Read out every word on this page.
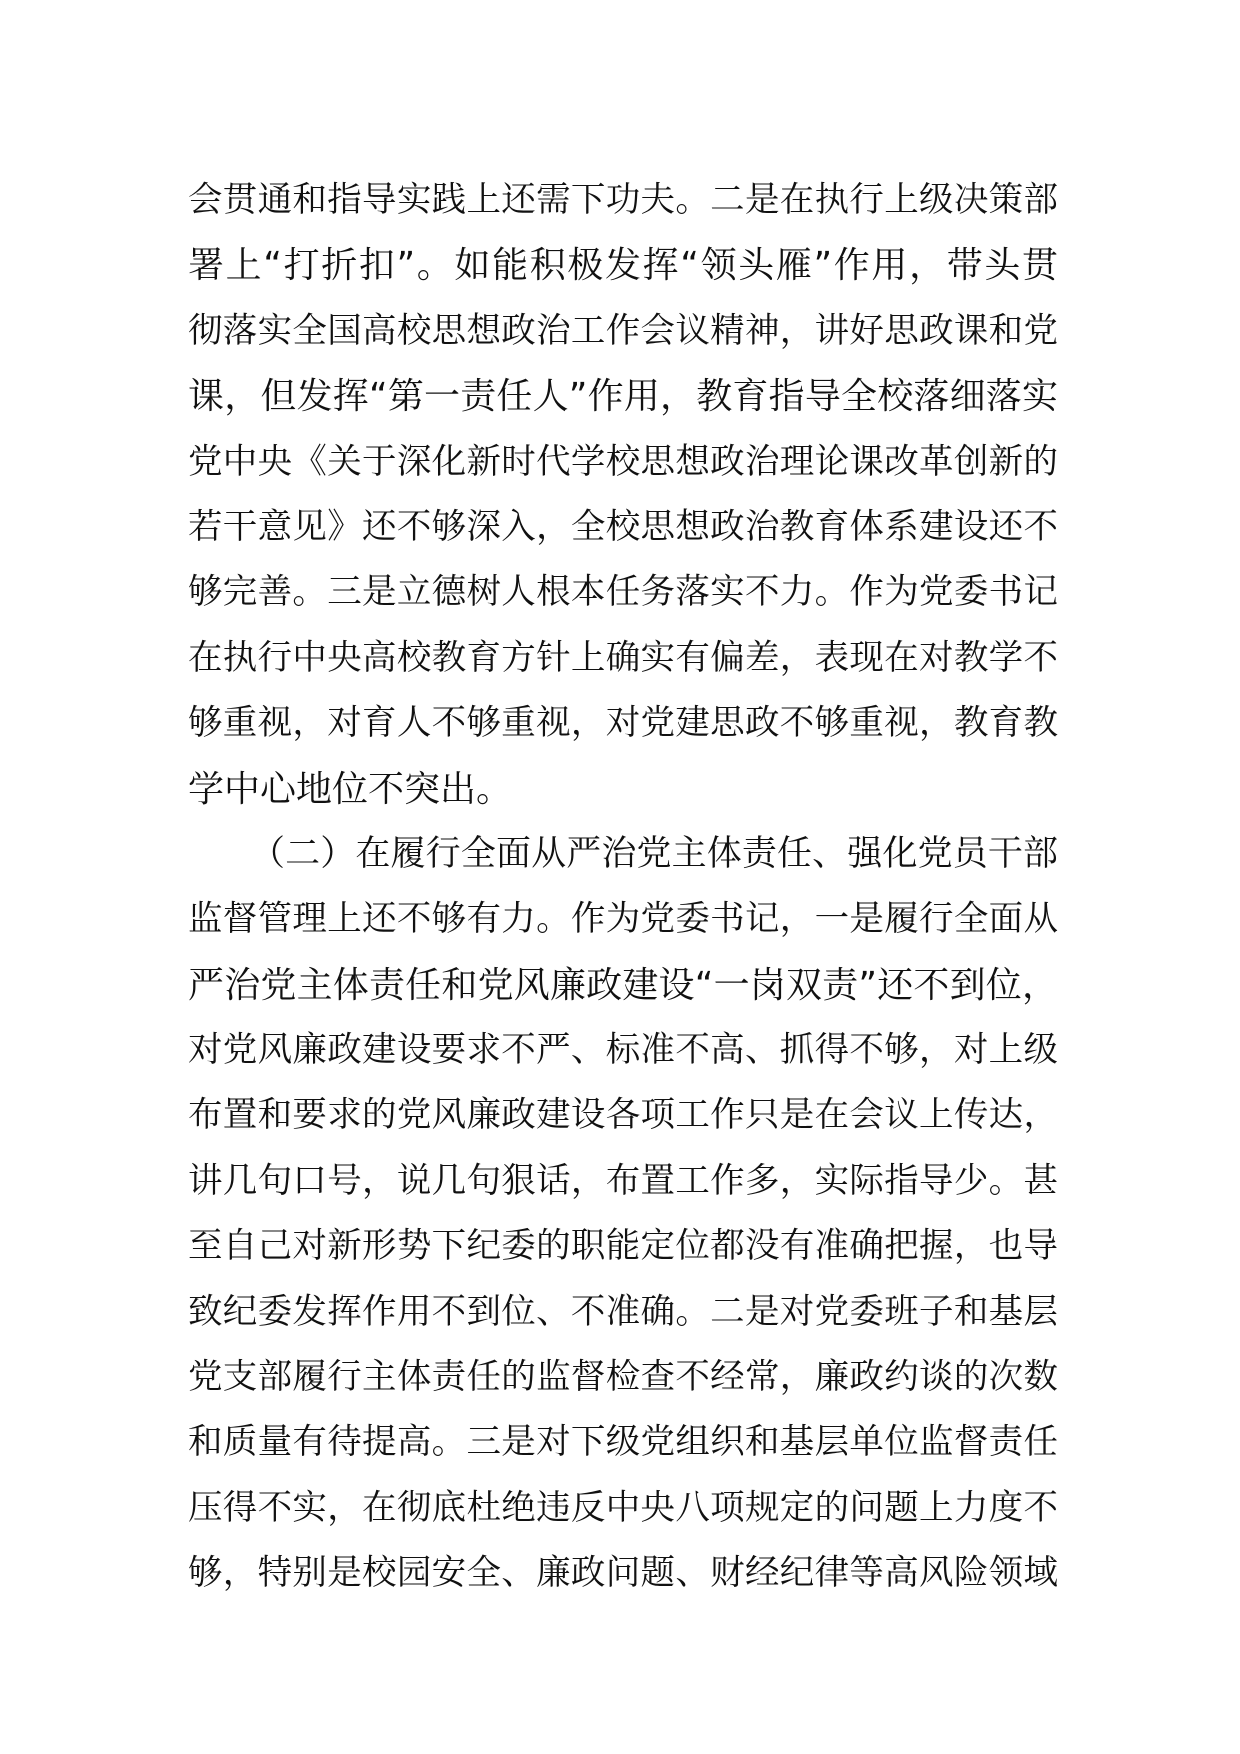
会贯通和指导实践上还需下功夫。二是在执行上级决策部
署上“打折扣”。如能积极发挥“领头雁”作用，带头贯
彻落实全国高校思想政治工作会议精神，讲好思政课和党
课，但发挥“第一责任人”作用，教育指导全校落细落实
党中央《关于深化新时代学校思想政治理论课改革创新的
若干意见》还不够深入，全校思想政治教育体系建设还不
够完善。三是立德树人根本任务落实不力。作为党委书记
在执行中央高校教育方针上确实有偏差，表现在对教学不
够重视，对育人不够重视，对党建思政不够重视，教育教
学中心地位不突出。
（二）在履行全面从严治党主体责任、强化党员干部
监督管理上还不够有力。作为党委书记，一是履行全面从
严治党主体责任和党风廉政建设“一岗双责”还不到位，
对党风廉政建设要求不严、标准不高、抓得不够，对上级
布置和要求的党风廉政建设各项工作只是在会议上传达，
讲几句口号，说几句狠话，布置工作多，实际指导少。甚
至自己对新形势下纪委的职能定位都没有准确把握，也导
致纪委发挥作用不到位、不准确。二是对党委班子和基层
党支部履行主体责任的监督检查不经常，廉政约谈的次数
和质量有待提高。三是对下级党组织和基层单位监督责任
压得不实，在彻底杜绝违反中央八项规定的问题上力度不
够，特别是校园安全、廉政问题、财经纪律等高风险领域
